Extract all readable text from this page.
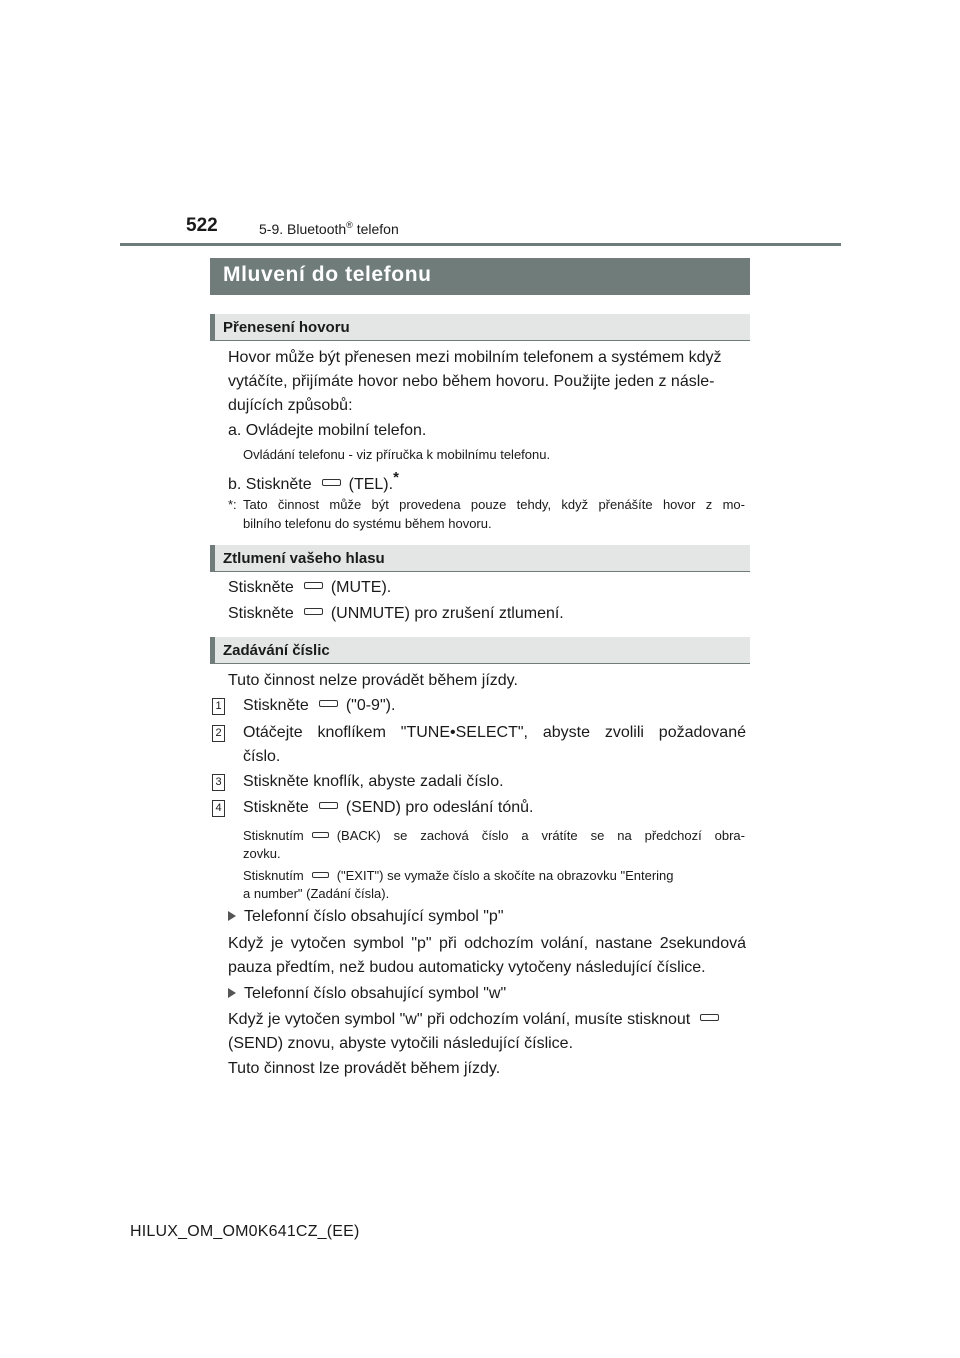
522	5-9. Bluetooth® telefon
Mluvení do telefonu
Přenesení hovoru
Hovor může být přenesen mezi mobilním telefonem a systémem když
vytáčíte, přijímáte hovor nebo během hovoru. Použijte jeden z násle-
dujících způsobů:
a. Ovládejte mobilní telefon.
Ovládání telefonu - viz příručka k mobilnímu telefonu.
b. Stiskněte (TEL).*
*: Tato činnost může být provedena pouze tehdy, když přenášíte hovor z mo-
bilního telefonu do systému během hovoru.
Ztlumení vašeho hlasu
Stiskněte (MUTE).
Stiskněte (UNMUTE) pro zrušení ztlumení.
Zadávání číslic
Tuto činnost nelze provádět během jízdy.
1 Stiskněte ("0-9").
2 Otáčejte knoflíkem "TUNE•SELECT", abyste zvolili požadované
číslo.
3 Stiskněte knoflík, abyste zadali číslo.
4 Stiskněte (SEND) pro odeslání tónů.
Stisknutím	(BACK) se zachová číslo a vrátíte se na předchozí obra-
zovku.
Stisknutím	("EXIT") se vymaže číslo a skočíte na obrazovku "Entering
a number" (Zadání čísla).
Telefonní číslo obsahující symbol "p"
Když je vytočen symbol "p" při odchozím volání, nastane 2sekundová
pauza předtím, než budou automaticky vytočeny následující číslice.
Telefonní číslo obsahující symbol "w"
Když je vytočen symbol "w" při odchozím volání, musíte stisknout
(SEND) znovu, abyste vytočili následující číslice.
Tuto činnost lze provádět během jízdy.
HILUX_OM_OM0K641CZ_(EE)
